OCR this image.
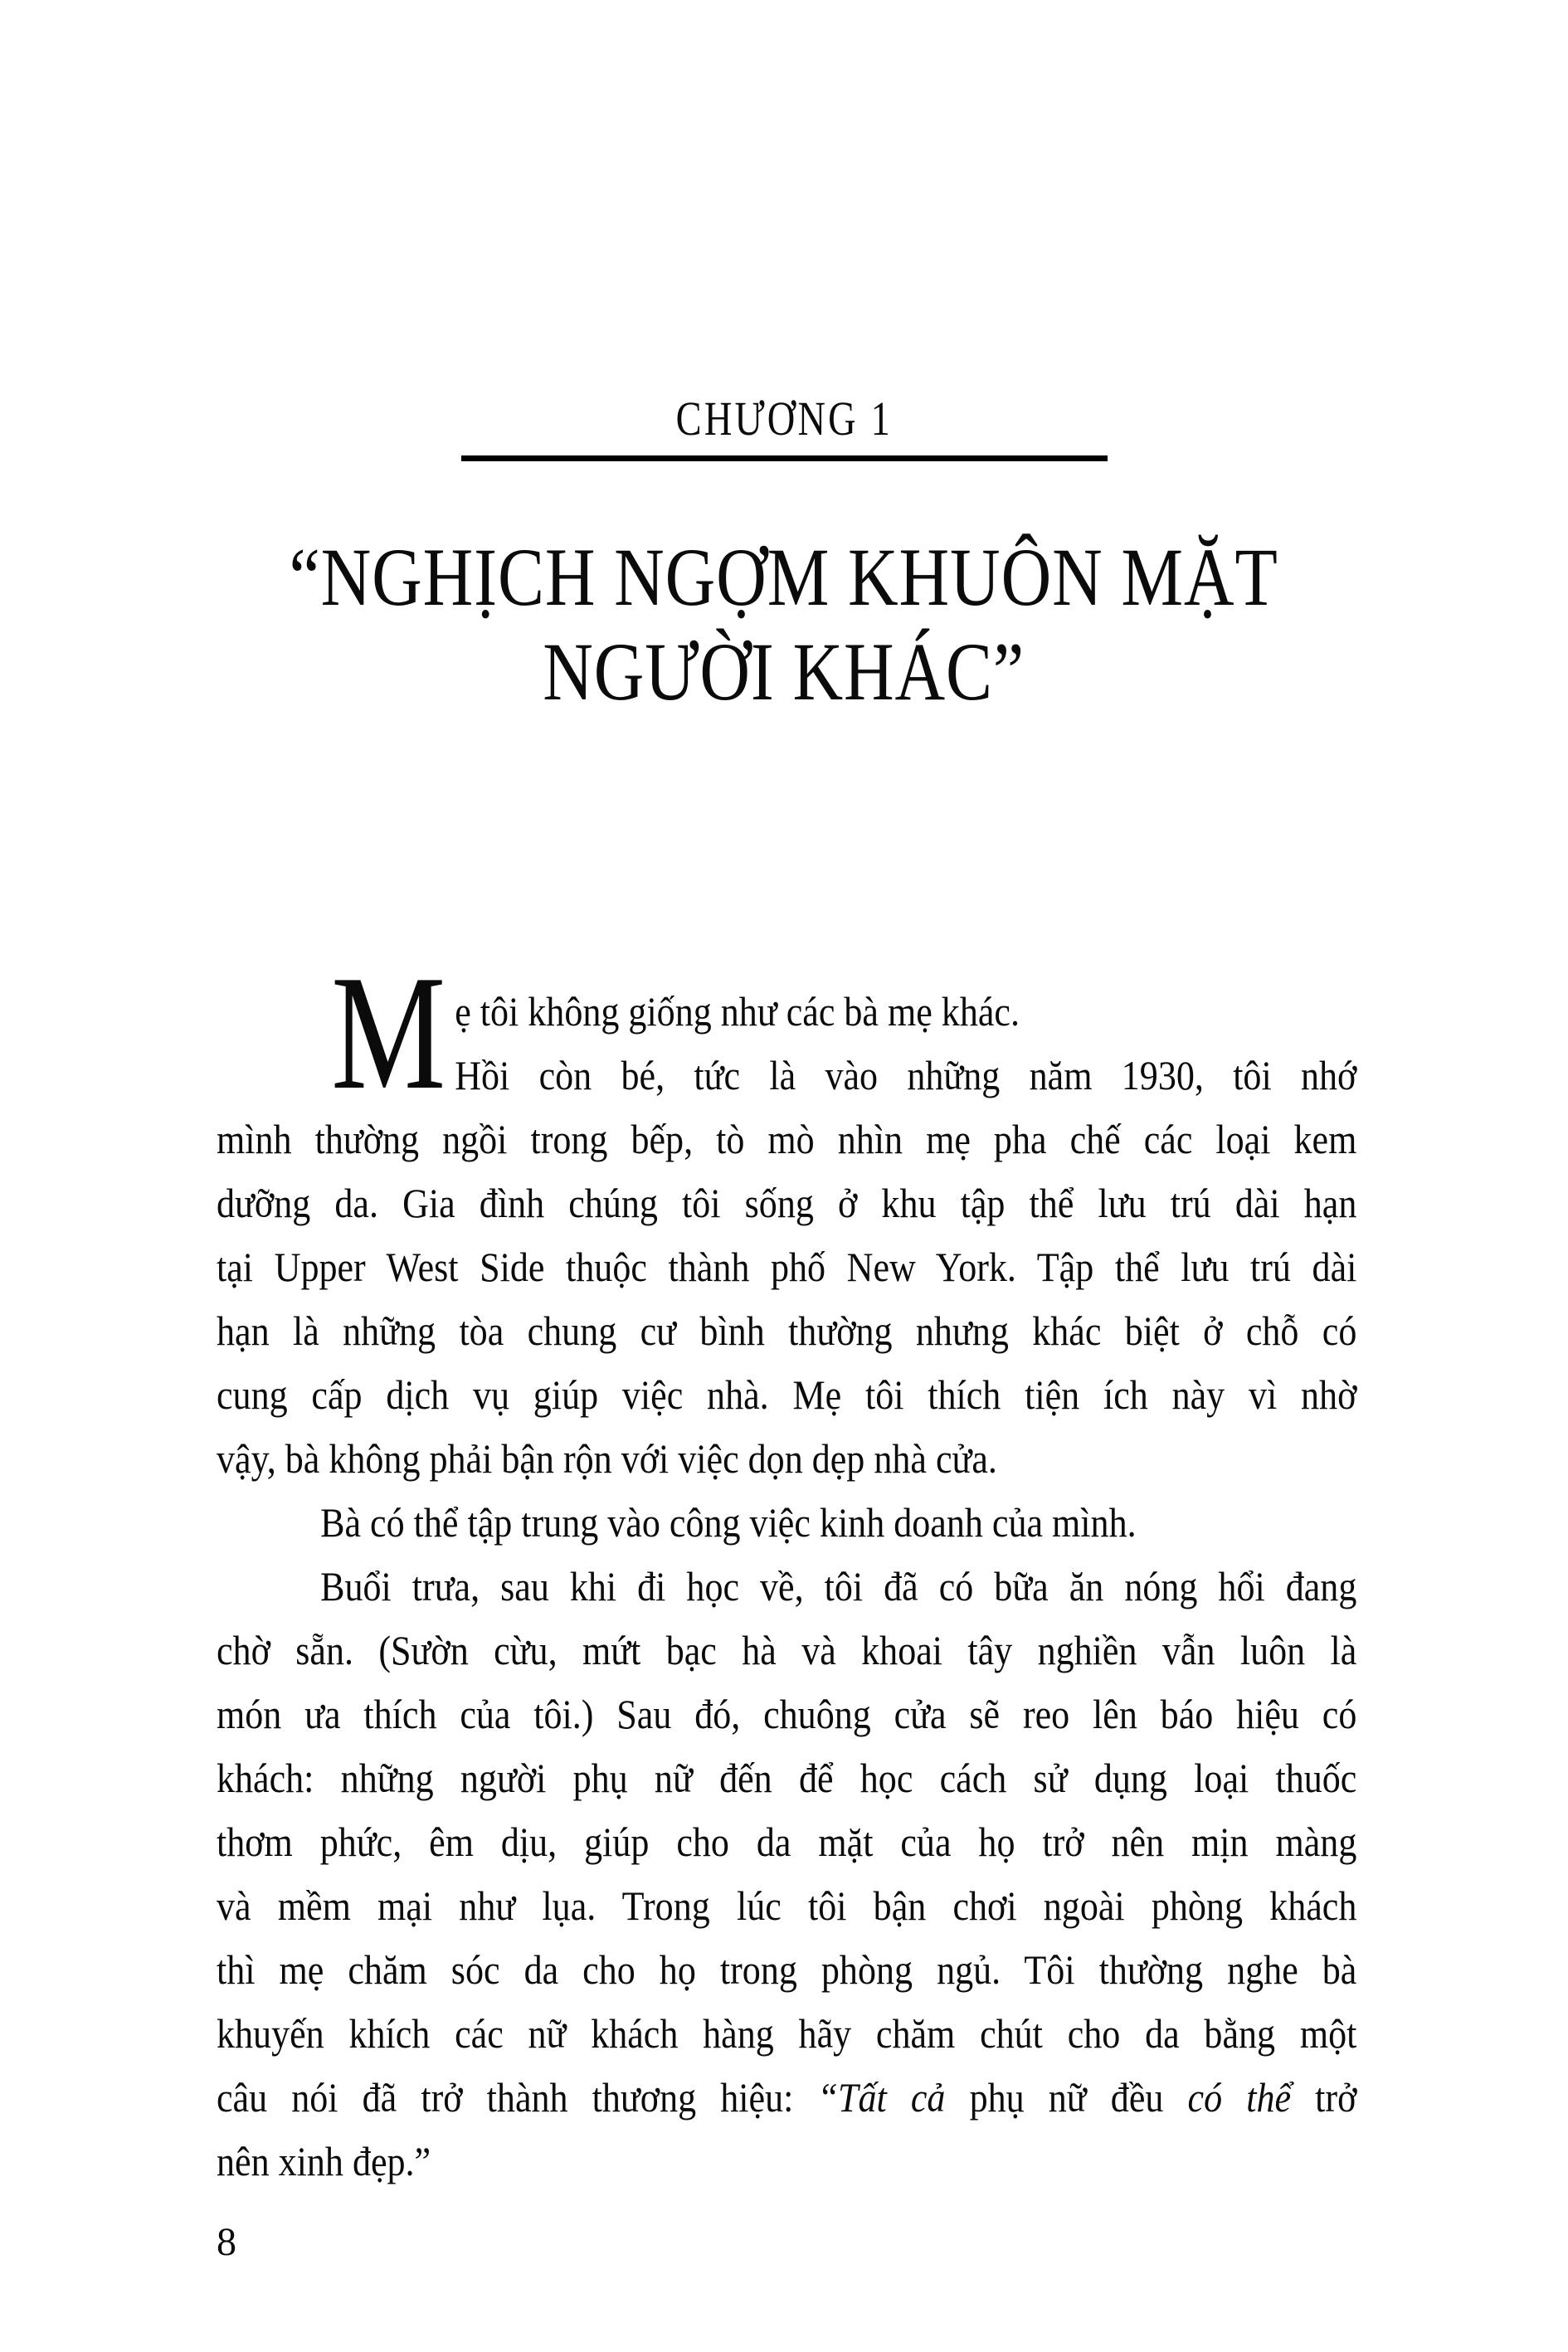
CHƯƠNG 1
“NGHỊCH NGỢM KHUÔN MẶT
NGƯỜI KHÁC”
M ẹ tôi không giống như các bà mẹ khác.
Hồi còn bé, tức là vào những năm 1930, tôi nhớ
mình thường ngồi trong bếp, tò mò nhìn mẹ pha chế các loại kem
dưỡng da. Gia đình chúng tôi sống ở khu tập thể lưu trú dài hạn
tại Upper West Side thuộc thành phố New York. Tập thể lưu trú dài
hạn là những tòa chung cư bình thường nhưng khác biệt ở chỗ có
cung cấp dịch vụ giúp việc nhà. Mẹ tôi thích tiện ích này vì nhờ
vậy, bà không phải bận rộn với việc dọn dẹp nhà cửa.
Bà có thể tập trung vào công việc kinh doanh của mình.
Buổi trưa, sau khi đi học về, tôi đã có bữa ăn nóng hổi đang
chờ sẵn. (Sườn cừu, mứt bạc hà và khoai tây nghiền vẫn luôn là
món ưa thích của tôi.) Sau đó, chuông cửa sẽ reo lên báo hiệu có
khách: những người phụ nữ đến để học cách sử dụng loại thuốc
thơm phức, êm dịu, giúp cho da mặt của họ trở nên mịn màng
và mềm mại như lụa. Trong lúc tôi bận chơi ngoài phòng khách
thì mẹ chăm sóc da cho họ trong phòng ngủ. Tôi thường nghe bà
khuyến khích các nữ khách hàng hãy chăm chút cho da bằng một
câu nói đã trở thành thương hiệu: “Tất cả phụ nữ đều có thể trở
nên xinh đẹp.”
8
